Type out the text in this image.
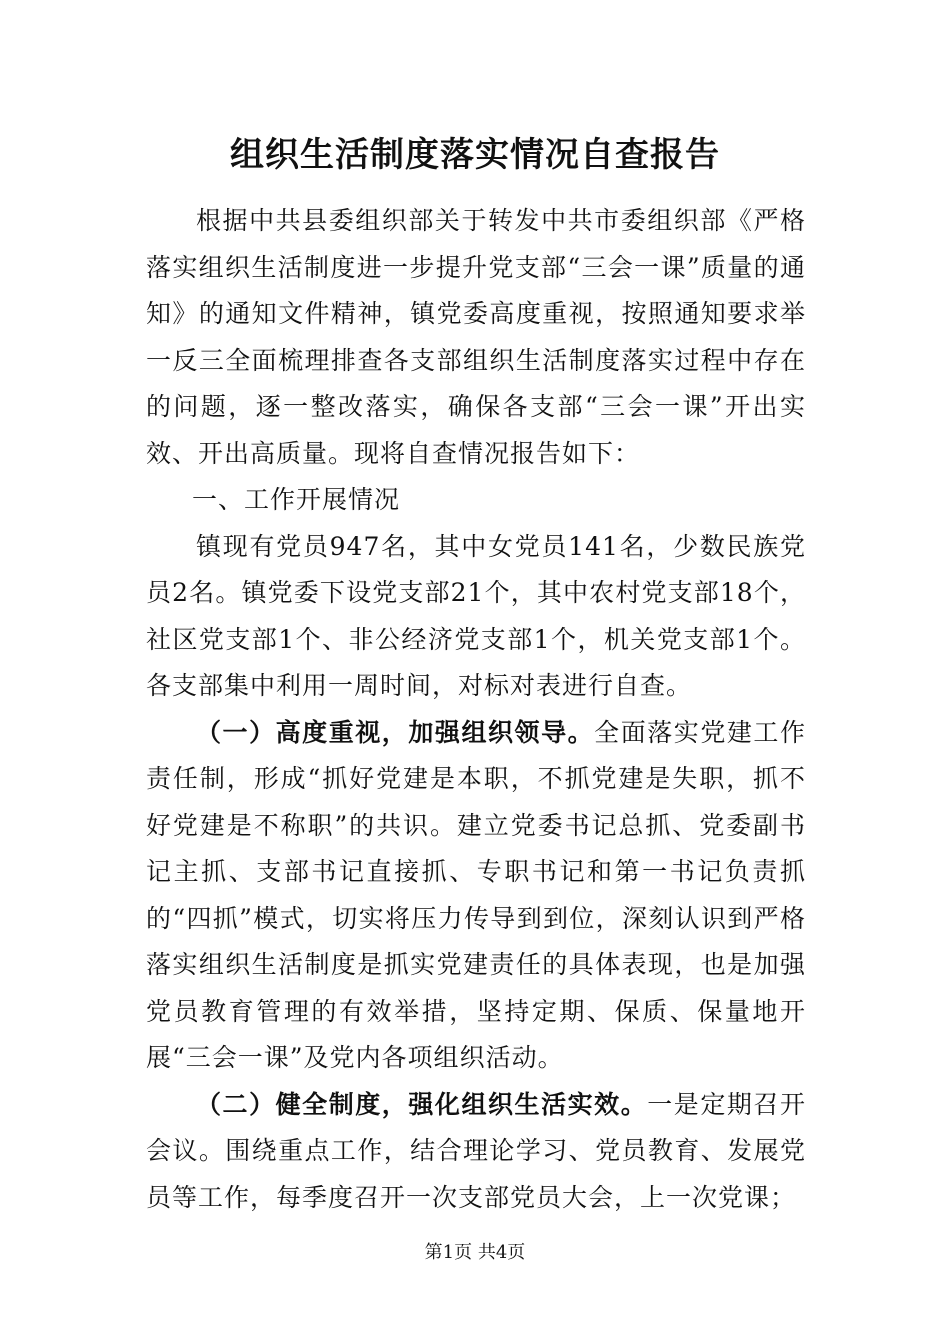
组织生活制度落实情况自查报告

根据中共县委组织部关于转发中共市委组织部《严格落实组织生活制度进一步提升党支部“三会一课”质量的通知》的通知文件精神，镇党委高度重视，按照通知要求举一反三全面梳理排查各支部组织生活制度落实过程中存在的问题，逐一整改落实，确保各支部“三会一课”开出实效、开出高质量。现将自查情况报告如下：

一、工作开展情况

镇现有党员947名，其中女党员141名，少数民族党员2名。镇党委下设党支部21个，其中农村党支部18个，社区党支部1个、非公经济党支部1个，机关党支部1个。各支部集中利用一周时间，对标对表进行自查。

（一）高度重视，加强组织领导。全面落实党建工作责任制，形成“抓好党建是本职，不抓党建是失职，抓不好党建是不称职”的共识。建立党委书记总抓、党委副书记主抓、支部书记直接抓、专职书记和第一书记负责抓的“四抓”模式，切实将压力传导到到位，深刻认识到严格落实组织生活制度是抓实党建责任的具体表现，也是加强党员教育管理的有效举措，坚持定期、保质、保量地开展“三会一课”及党内各项组织活动。

（二）健全制度，强化组织生活实效。一是定期召开会议。围绕重点工作，结合理论学习、党员教育、发展党员等工作，每季度召开一次支部党员大会，上一次党课；

第1页 共4页
